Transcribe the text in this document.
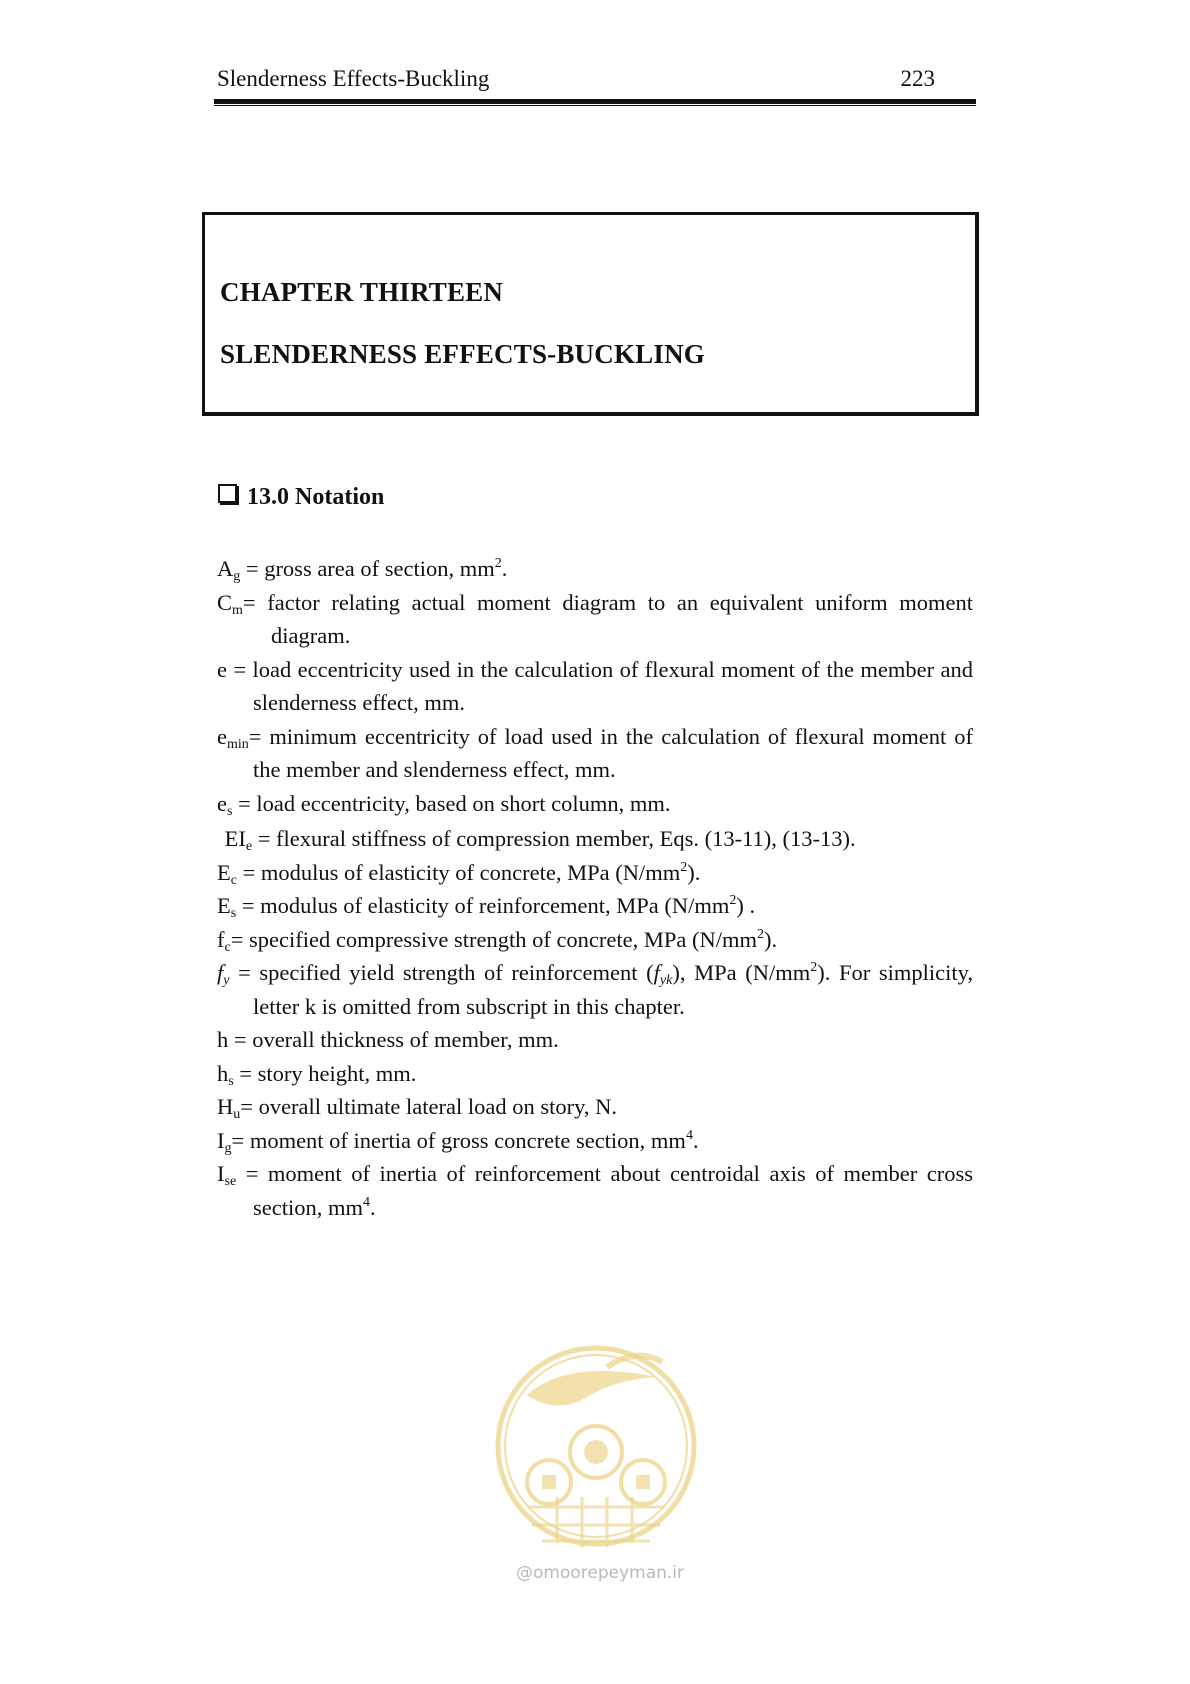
Slenderness Effects-Buckling	223
CHAPTER THIRTEEN
SLENDERNESS EFFECTS-BUCKLING
13.0 Notation
$A_g$ = gross area of section, $mm^2$.
$C_m=$ factor relating actual moment diagram to an equivalent uniform moment diagram.
e = load eccentricity used in the calculation of flexural moment of the member and slenderness effect, mm.
$e_{min}=$ minimum eccentricity of load used in the calculation of flexural moment of the member and slenderness effect, mm.
$e_s$ = load eccentricity, based on short column, mm.
$EI_e$ = flexural stiffness of compression member, Eqs. (13-11), (13-13).
$E_c$ = modulus of elasticity of concrete, MPa $(N/mm^2)$.
$E_s$ = modulus of elasticity of reinforcement, MPa $(N/mm^2)$ .
$f_c=$ specified compressive strength of concrete, MPa $(N/mm^2)$.
$f_y$ = specified yield strength of reinforcement $(f_{yk})$, MPa $(N/mm^2)$. For simplicity, letter k is omitted from subscript in this chapter.
h = overall thickness of member, mm.
$h_s$ = story height, mm.
$H_u=$ overall ultimate lateral load on story, N.
$I_g=$ moment of inertia of gross concrete section, $mm^4$.
$I_{se}$ = moment of inertia of reinforcement about centroidal axis of member cross section, $mm^4$.
@omoorepeyman.ir
